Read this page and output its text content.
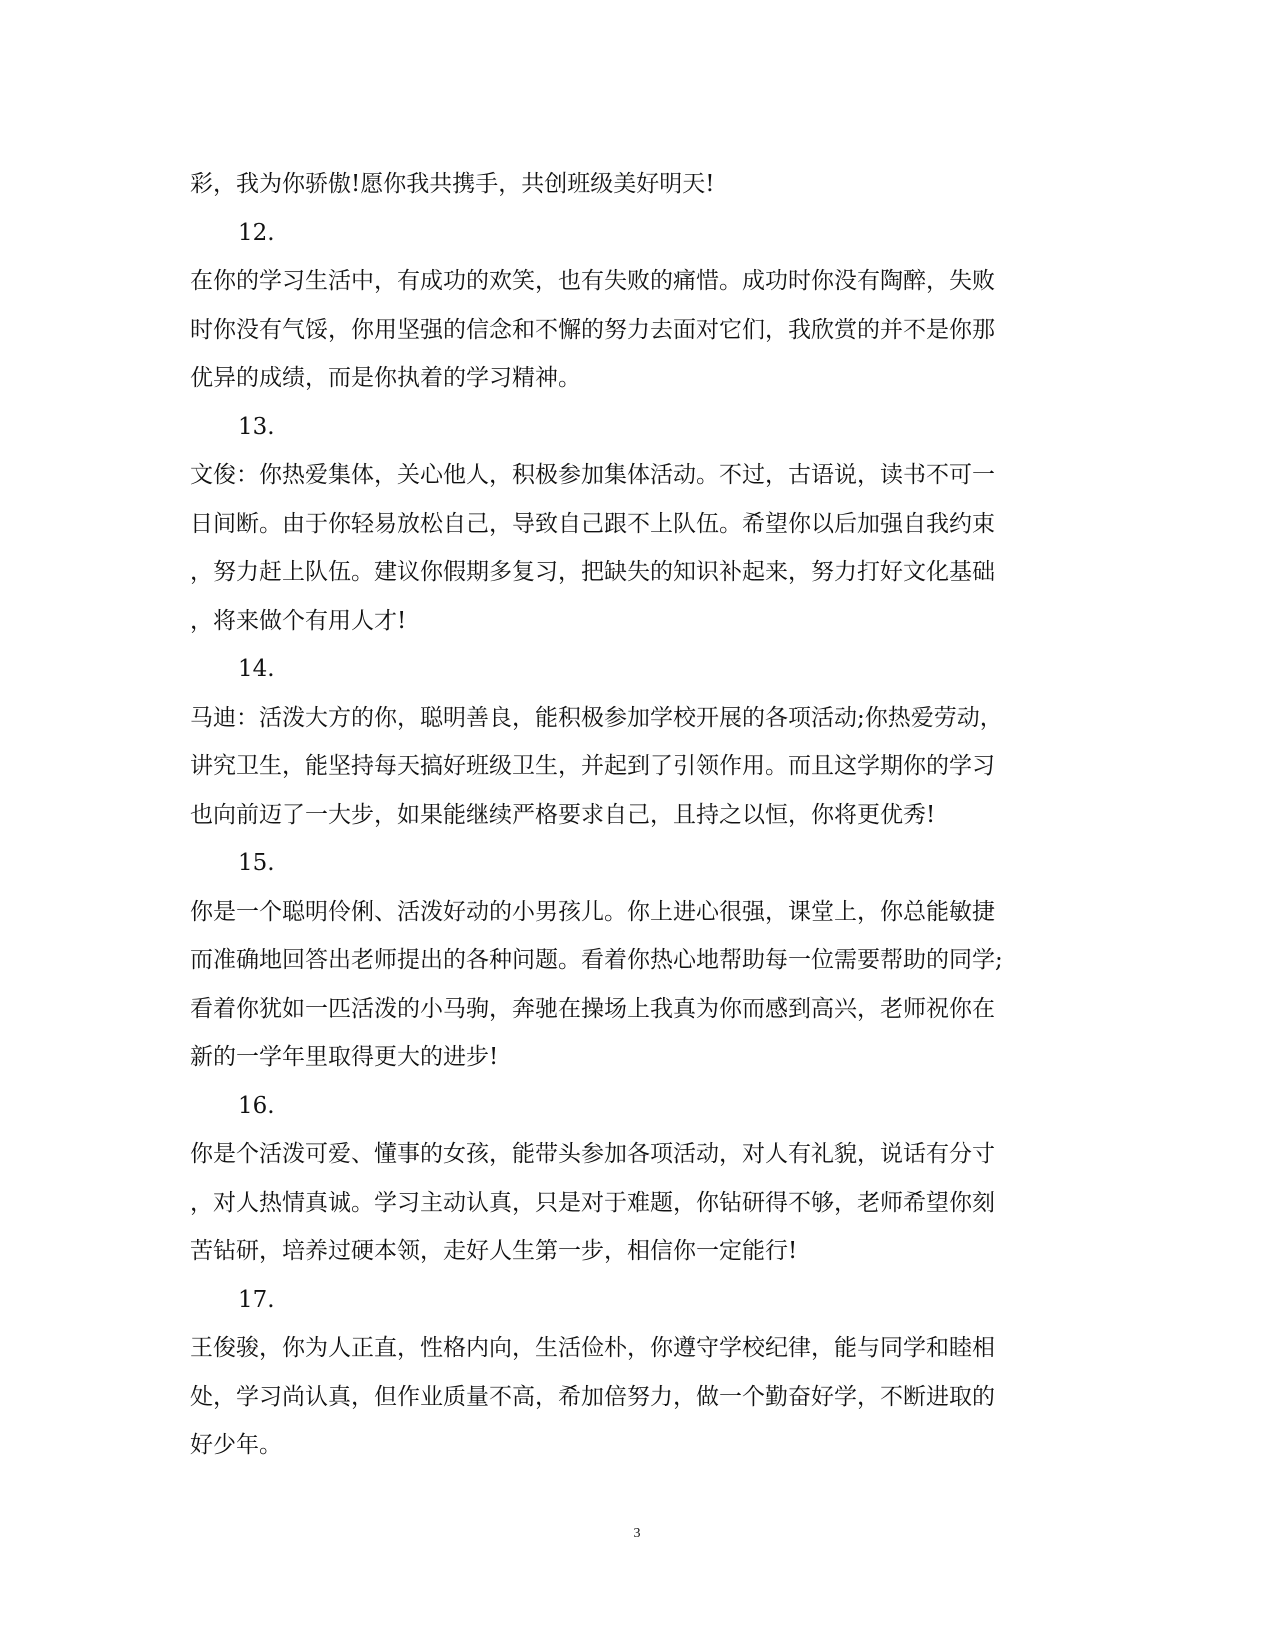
彩，我为你骄傲!愿你我共携手，共创班级美好明天!
12.
在你的学习生活中，有成功的欢笑，也有失败的痛惜。成功时你没有陶醉，失败
时你没有气馁，你用坚强的信念和不懈的努力去面对它们，我欣赏的并不是你那
优异的成绩，而是你执着的学习精神。
13.
文俊：你热爱集体，关心他人，积极参加集体活动。不过，古语说，读书不可一
日间断。由于你轻易放松自己，导致自己跟不上队伍。希望你以后加强自我约束
，努力赶上队伍。建议你假期多复习，把缺失的知识补起来，努力打好文化基础
，将来做个有用人才!
14.
马迪：活泼大方的你，聪明善良，能积极参加学校开展的各项活动;你热爱劳动，
讲究卫生，能坚持每天搞好班级卫生，并起到了引领作用。而且这学期你的学习
也向前迈了一大步，如果能继续严格要求自己，且持之以恒，你将更优秀!
15.
你是一个聪明伶俐、活泼好动的小男孩儿。你上进心很强，课堂上，你总能敏捷
而准确地回答出老师提出的各种问题。看着你热心地帮助每一位需要帮助的同学;
看着你犹如一匹活泼的小马驹，奔驰在操场上我真为你而感到高兴，老师祝你在
新的一学年里取得更大的进步!
16.
你是个活泼可爱、懂事的女孩，能带头参加各项活动，对人有礼貌，说话有分寸
，对人热情真诚。学习主动认真，只是对于难题，你钻研得不够，老师希望你刻
苦钻研，培养过硬本领，走好人生第一步，相信你一定能行!
17.
王俊骏，你为人正直，性格内向，生活俭朴，你遵守学校纪律，能与同学和睦相
处，学习尚认真，但作业质量不高，希加倍努力，做一个勤奋好学，不断进取的
好少年。
3
